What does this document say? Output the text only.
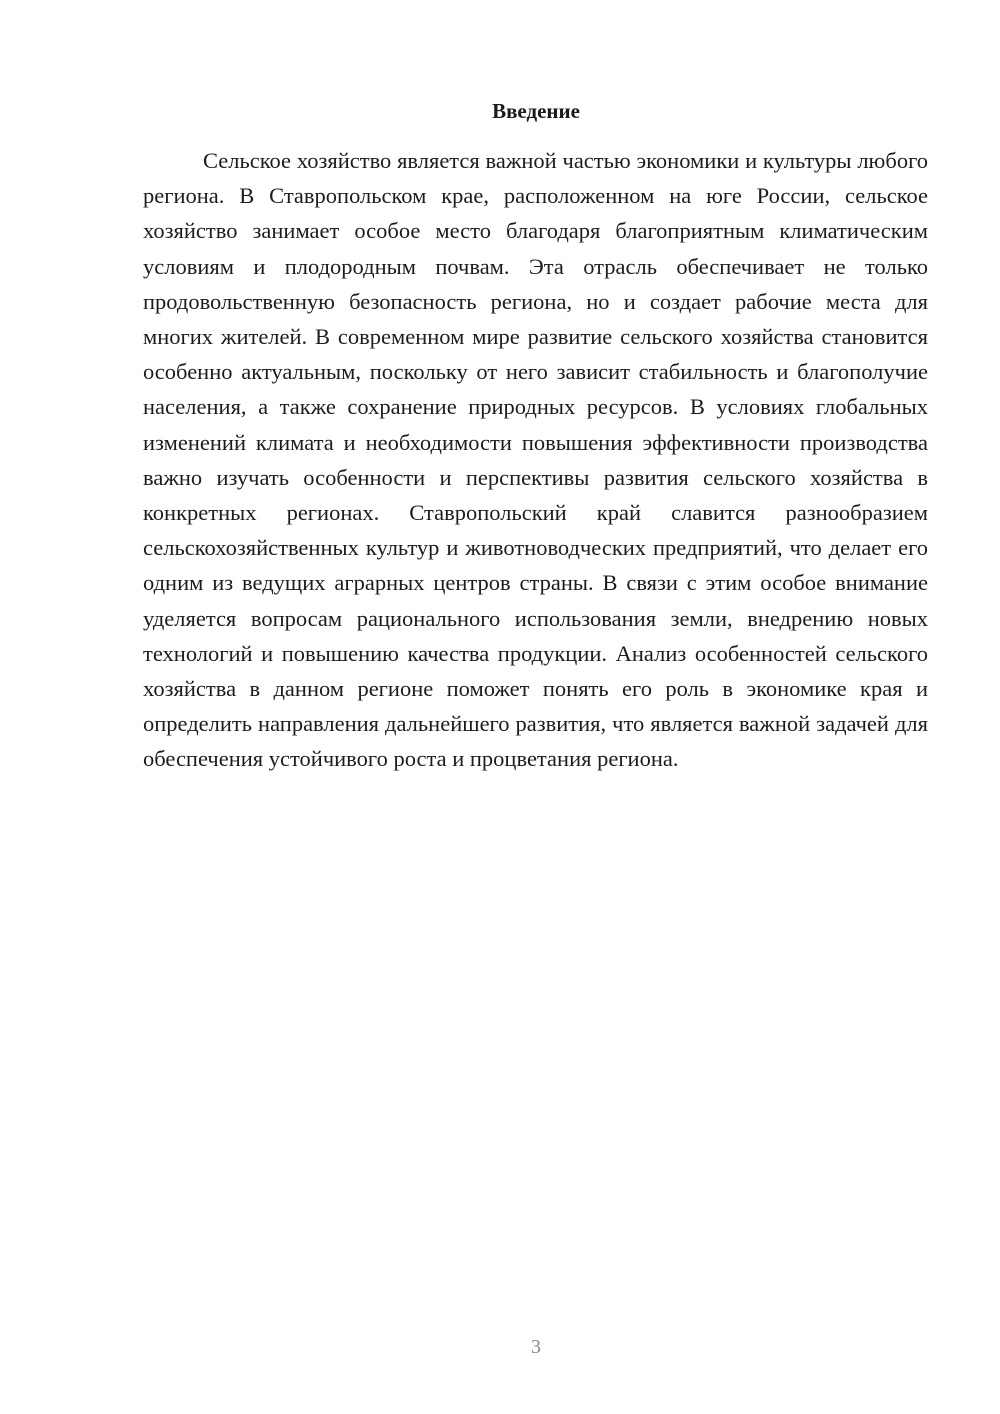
Введение

Сельское хозяйство является важной частью экономики и культуры любого региона. В Ставропольском крае, расположенном на юге России, сельское хозяйство занимает особое место благодаря благоприятным климатическим условиям и плодородным почвам. Эта отрасль обеспечивает не только продовольственную безопасность региона, но и создает рабочие места для многих жителей. В современном мире развитие сельского хозяйства становится особенно актуальным, поскольку от него зависит стабильность и благополучие населения, а также сохранение природных ресурсов. В условиях глобальных изменений климата и необходимости повышения эффективности производства важно изучать особенности и перспективы развития сельского хозяйства в конкретных регионах. Ставропольский край славится разнообразием сельскохозяйственных культур и животноводческих предприятий, что делает его одним из ведущих аграрных центров страны. В связи с этим особое внимание уделяется вопросам рационального использования земли, внедрению новых технологий и повышению качества продукции. Анализ особенностей сельского хозяйства в данном регионе поможет понять его роль в экономике края и определить направления дальнейшего развития, что является важной задачей для обеспечения устойчивого роста и процветания региона.

3
